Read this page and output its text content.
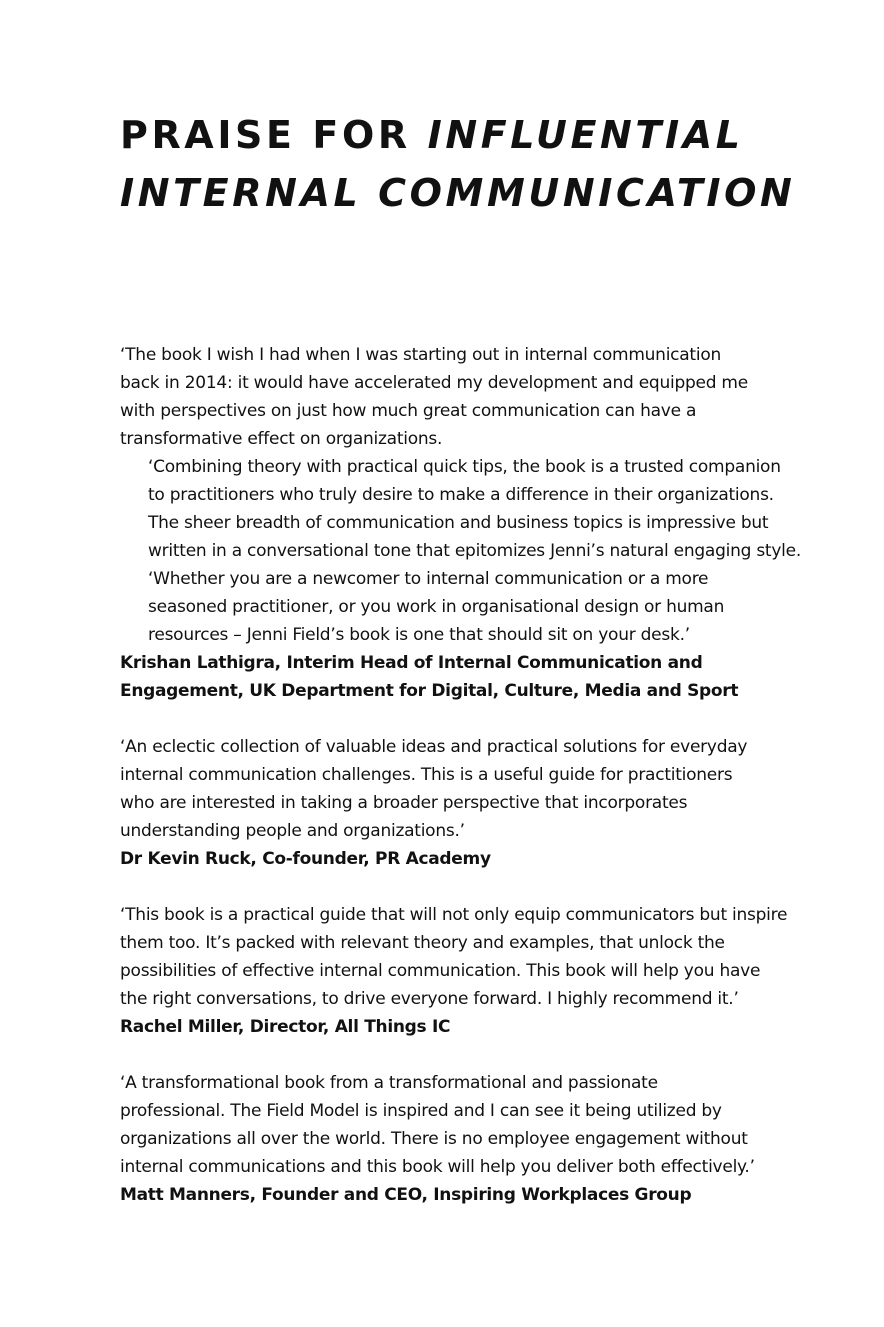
PRAISE FOR INFLUENTIAL
INTERNAL COMMUNICATION

‘The book I wish I had when I was starting out in internal communication
back in 2014: it would have accelerated my development and equipped me
with perspectives on just how much great communication can have a
transformative effect on organizations.

‘Combining theory with practical quick tips, the book is a trusted companion
to practitioners who truly desire to make a difference in their organizations.
The sheer breadth of communication and business topics is impressive but
written in a conversational tone that epitomizes Jenni’s natural engaging style.

‘Whether you are a newcomer to internal communication or a more
seasoned practitioner, or you work in organisational design or human
resources – Jenni Field’s book is one that should sit on your desk.’

Krishan Lathigra, Interim Head of Internal Communication and
Engagement, UK Department for Digital, Culture, Media and Sport

‘An eclectic collection of valuable ideas and practical solutions for everyday
internal communication challenges. This is a useful guide for practitioners
who are interested in taking a broader perspective that incorporates
understanding people and organizations.’

Dr Kevin Ruck, Co-founder, PR Academy

‘This book is a practical guide that will not only equip communicators but inspire
them too. It’s packed with relevant theory and examples, that unlock the
possibilities of effective internal communication. This book will help you have
the right conversations, to drive everyone forward. I highly recommend it.’

Rachel Miller, Director, All Things IC

‘A transformational book from a transformational and passionate
professional. The Field Model is inspired and I can see it being utilized by
organizations all over the world. There is no employee engagement without
internal communications and this book will help you deliver both effectively.’

Matt Manners, Founder and CEO, Inspiring Workplaces Group
